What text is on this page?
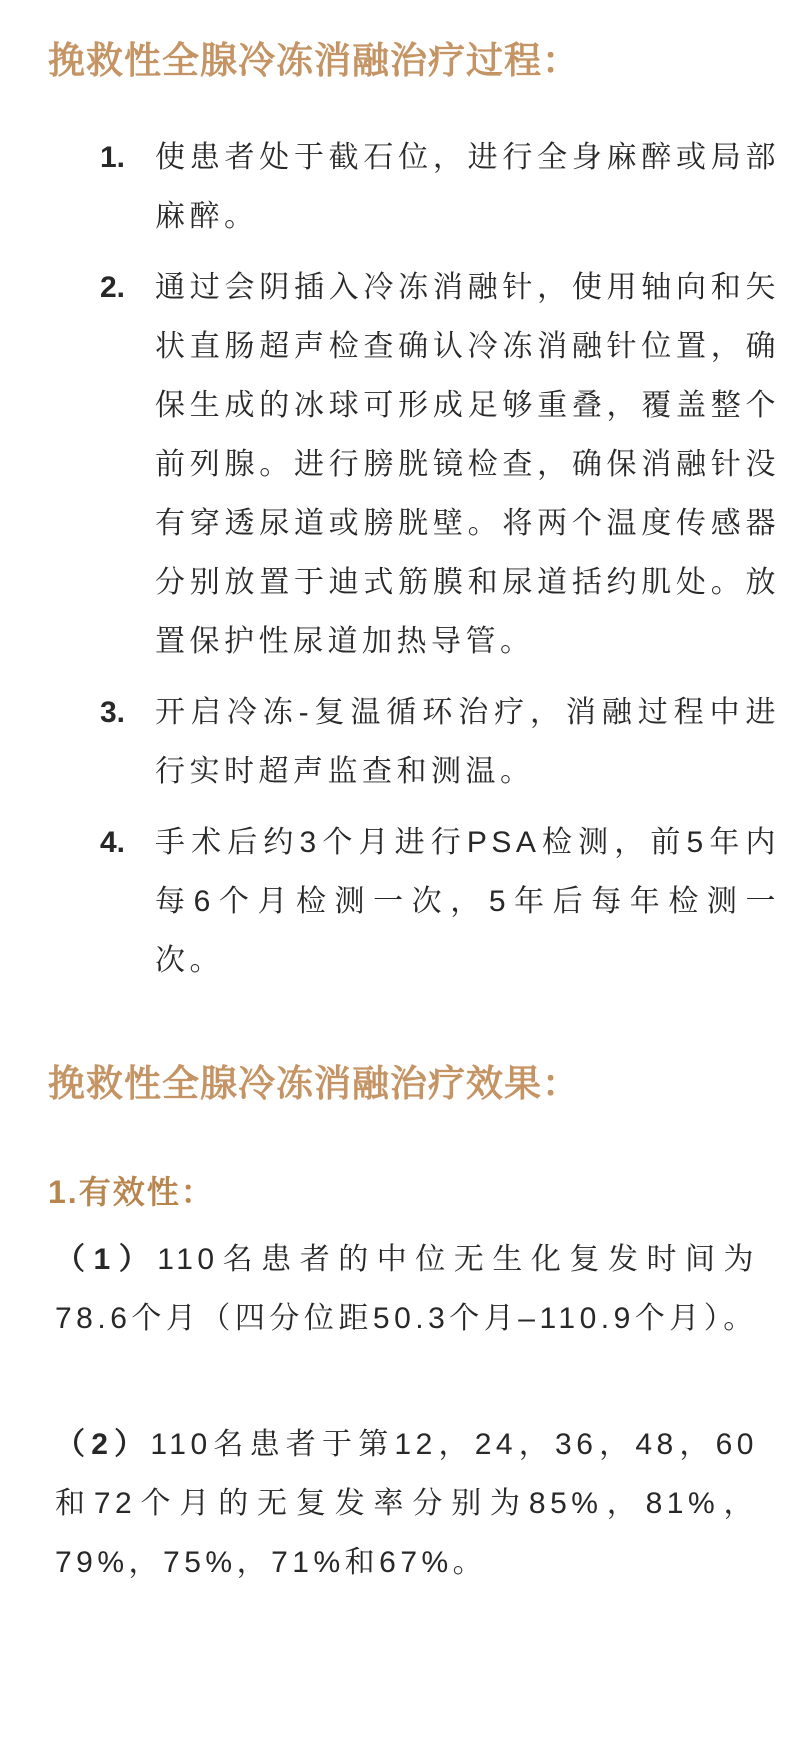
挽救性全腺冷冻消融治疗过程：
1. 使患者处于截石位，进行全身麻醉或局部麻醉。
2. 通过会阴插入冷冻消融针，使用轴向和矢状直肠超声检查确认冷冻消融针位置，确保生成的冰球可形成足够重叠，覆盖整个前列腺。进行膀胱镜检查，确保消融针没有穿透尿道或膀胱壁。将两个温度传感器分别放置于迪式筋膜和尿道括约肌处。放置保护性尿道加热导管。
3. 开启冷冻-复温循环治疗，消融过程中进行实时超声监查和测温。
4. 手术后约3个月进行PSA检测，前5年内每6个月检测一次，5年后每年检测一次。
挽救性全腺冷冻消融治疗效果：
1.有效性：

（1）110名患者的中位无生化复发时间为78.6个月（四分位距50.3个月–110.9个月）。

（2）110名患者于第12，24，36，48，60和72个月的无复发率分别为85%，81%，79%，75%，71%和67%。
